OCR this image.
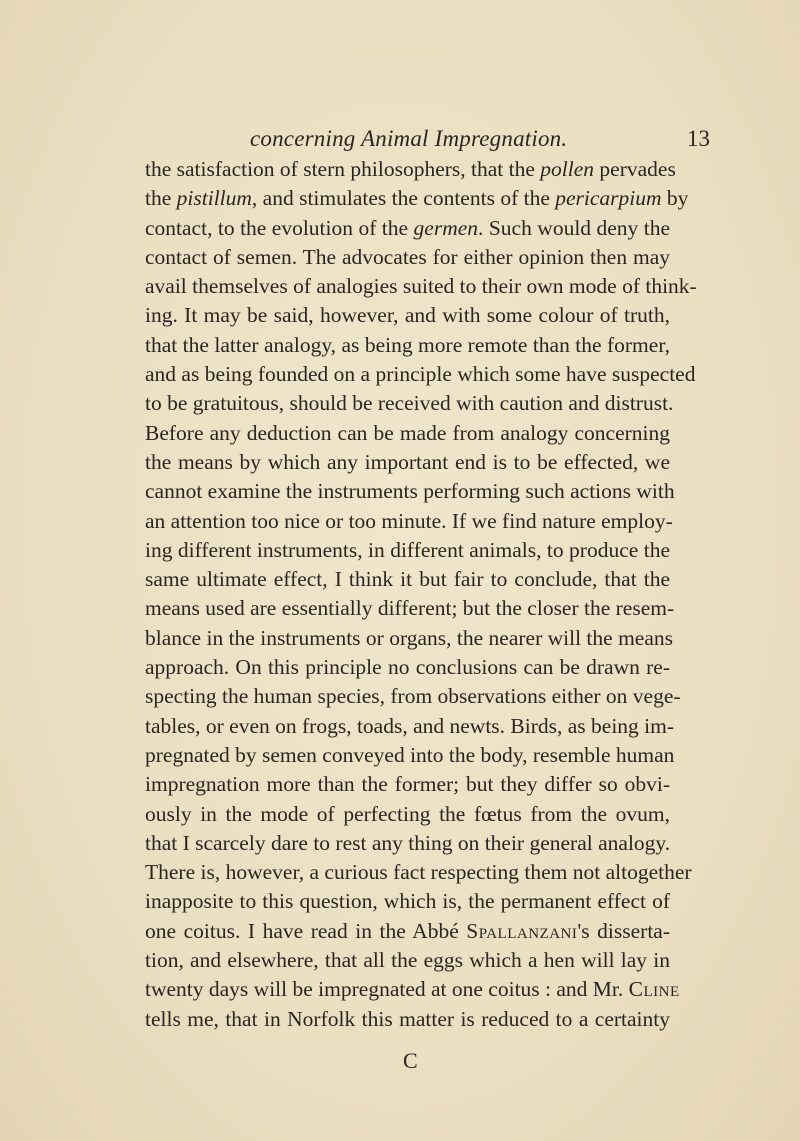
concerning Animal Impregnation.	13
the satisfaction of stern philosophers, that the pollen pervades
the pistillum, and stimulates the contents of the pericarpium by
contact, to the evolution of the germen. Such would deny the
contact of semen. The advocates for either opinion then may
avail themselves of analogies suited to their own mode of think-
ing. It may be said, however, and with some colour of truth,
that the latter analogy, as being more remote than the former,
and as being founded on a principle which some have suspected
to be gratuitous, should be received with caution and distrust.
Before any deduction can be made from analogy concerning
the means by which any important end is to be effected, we
cannot examine the instruments performing such actions with
an attention too nice or too minute. If we find nature employ-
ing different instruments, in different animals, to produce the
same ultimate effect, I think it but fair to conclude, that the
means used are essentially different; but the closer the resem-
blance in the instruments or organs, the nearer will the means
approach. On this principle no conclusions can be drawn re-
specting the human species, from observations either on vege-
tables, or even on frogs, toads, and newts. Birds, as being im-
pregnated by semen conveyed into the body, resemble human
impregnation more than the former; but they differ so obvi-
ously in the mode of perfecting the fœtus from the ovum,
that I scarcely dare to rest any thing on their general analogy.
There is, however, a curious fact respecting them not altogether
inapposite to this question, which is, the permanent effect of
one coitus. I have read in the Abbé Spallanzani's disserta-
tion, and elsewhere, that all the eggs which a hen will lay in
twenty days will be impregnated at one coitus : and Mr. Cline
tells me, that in Norfolk this matter is reduced to a certainty
C
